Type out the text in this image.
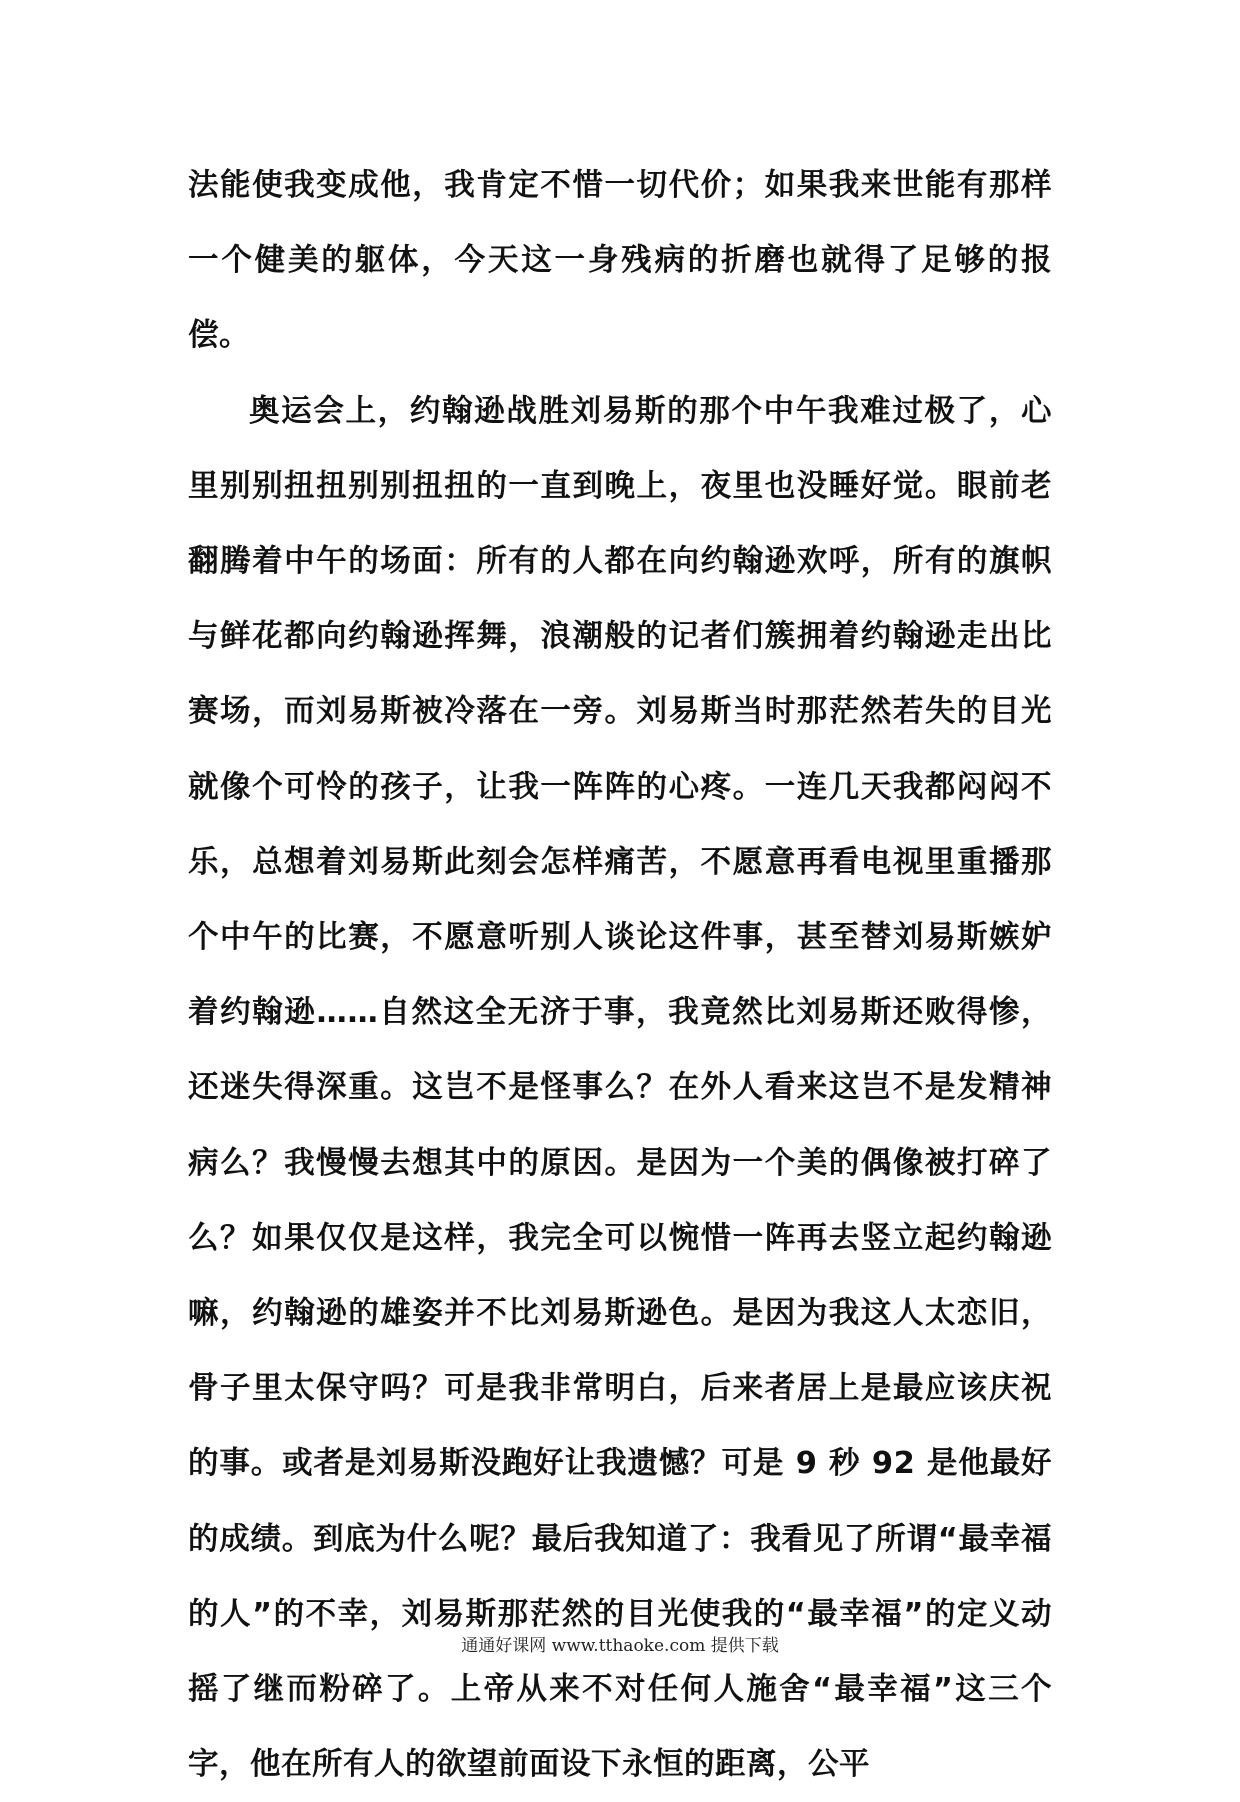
法能使我变成他，我肯定不惜一切代价；如果我来世能有那样一个健美的躯体，今天这一身残病的折磨也就得了足够的报偿。

奥运会上，约翰逊战胜刘易斯的那个中午我难过极了，心里别别扭扭别别扭扭的一直到晚上，夜里也没睡好觉。眼前老翻腾着中午的场面：所有的人都在向约翰逊欢呼，所有的旗帜与鲜花都向约翰逊挥舞，浪潮般的记者们簇拥着约翰逊走出比赛场，而刘易斯被冷落在一旁。刘易斯当时那茫然若失的目光就像个可怜的孩子，让我一阵阵的心疼。一连几天我都闷闷不乐，总想着刘易斯此刻会怎样痛苦，不愿意再看电视里重播那个中午的比赛，不愿意听别人谈论这件事，甚至替刘易斯嫉妒着约翰逊……自然这全无济于事，我竟然比刘易斯还败得惨，还迷失得深重。这岂不是怪事么？在外人看来这岂不是发精神病么？我慢慢去想其中的原因。是因为一个美的偶像被打碎了么？如果仅仅是这样，我完全可以惋惜一阵再去竖立起约翰逊嘛，约翰逊的雄姿并不比刘易斯逊色。是因为我这人太恋旧，骨子里太保守吗？可是我非常明白，后来者居上是最应该庆祝的事。或者是刘易斯没跑好让我遗憾？可是 9 秒 92 是他最好的成绩。到底为什么呢？最后我知道了：我看见了所谓“最幸福的人”的不幸，刘易斯那茫然的目光使我的“最幸福”的定义动摇了继而粉碎了。上帝从来不对任何人施舍“最幸福”这三个字，他在所有人的欲望前面设下永恒的距离，公平

通通好课网 www.tthaoke.com 提供下载
